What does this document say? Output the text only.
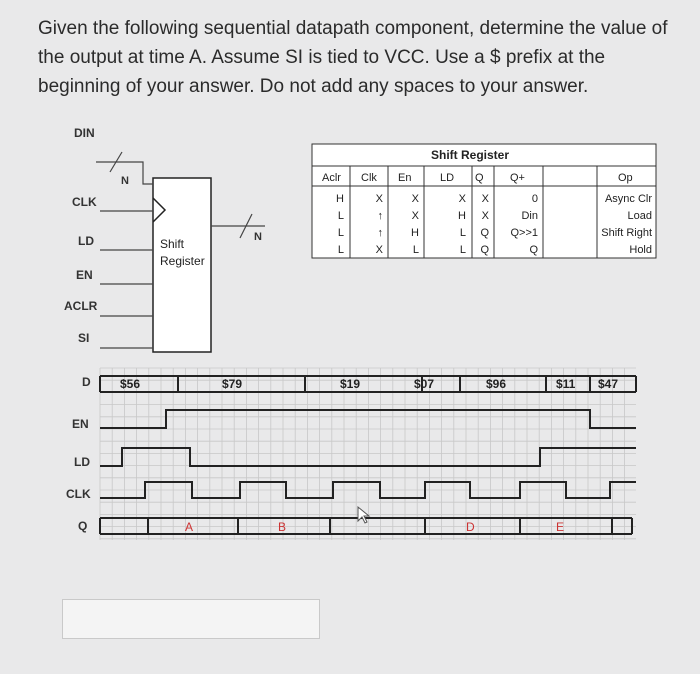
Given the following sequential datapath component, determine the value of the output at time A. Assume SI is tied to VCC. Use a $ prefix at the beginning of your answer. Do not add any spaces to your answer.
Shift
Register
DIN
CLK
LD
EN
ACLR
SI
N
N
Shift Register
Aclr Clk En	LD Q Q+	Op
H	X	X	X X	0	Async Clr
L	↑	X	H X	Din	Load
L	↑	H	L Q Q>>1	Shift Right
L	X	L	L Q	Q	Hold
$56	$79	$19	$07	$96	$11 $47
A	B	D	E
D
EN
LD
CLK
Q
